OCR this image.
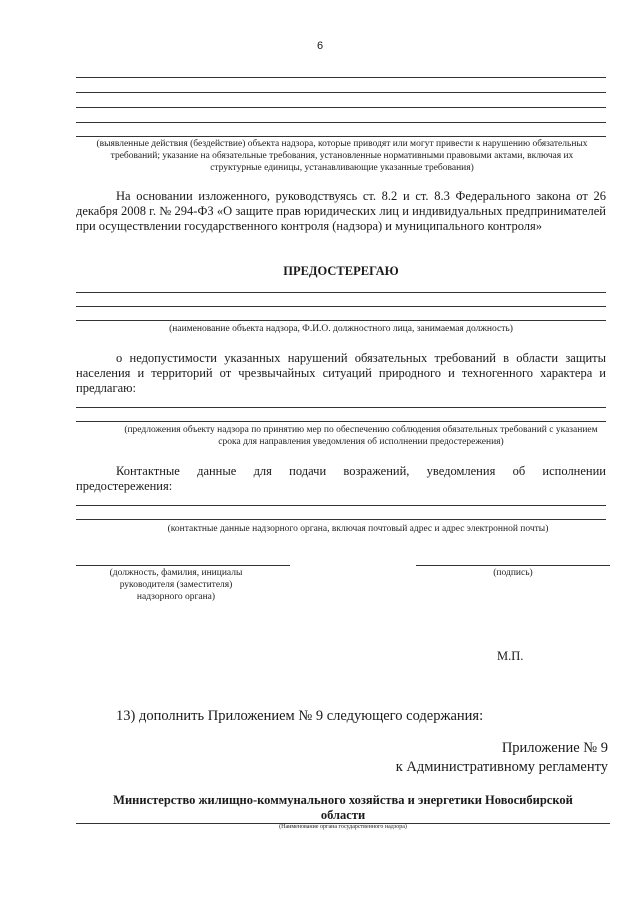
6
(выявленные действия (бездействие) объекта надзора, которые приводят или могут привести к нарушению обязательных требований; указание на обязательные требования, установленные нормативными правовыми актами, включая их структурные единицы, устанавливающие указанные требования)
На основании изложенного, руководствуясь ст. 8.2 и ст. 8.3 Федерального закона от 26 декабря 2008 г. № 294-ФЗ «О защите прав юридических лиц и индивидуальных предпринимателей при осуществлении государственного контроля (надзора) и муниципального контроля»
ПРЕДОСТЕРЕГАЮ
(наименование объекта надзора, Ф.И.О. должностного лица, занимаемая должность)
о недопустимости указанных нарушений обязательных требований в области защиты населения и территорий от чрезвычайных ситуаций природного и техногенного характера и предлагаю:
(предложения объекту надзора по принятию мер по обеспечению соблюдения обязательных требований с указанием срока для направления уведомления об исполнении предостережения)
Контактные данные для подачи возражений, уведомления об исполнении предостережения:
(контактные данные надзорного органа, включая почтовый адрес и адрес электронной почты)
(должность, фамилия, инициалы руководителя (заместителя) надзорного органа)
(подпись)
М.П.
13) дополнить Приложением № 9 следующего содержания:
Приложение № 9
к Административному регламенту
Министерство жилищно-коммунального хозяйства и энергетики Новосибирской области
(Наименование органа государственного надзора)
